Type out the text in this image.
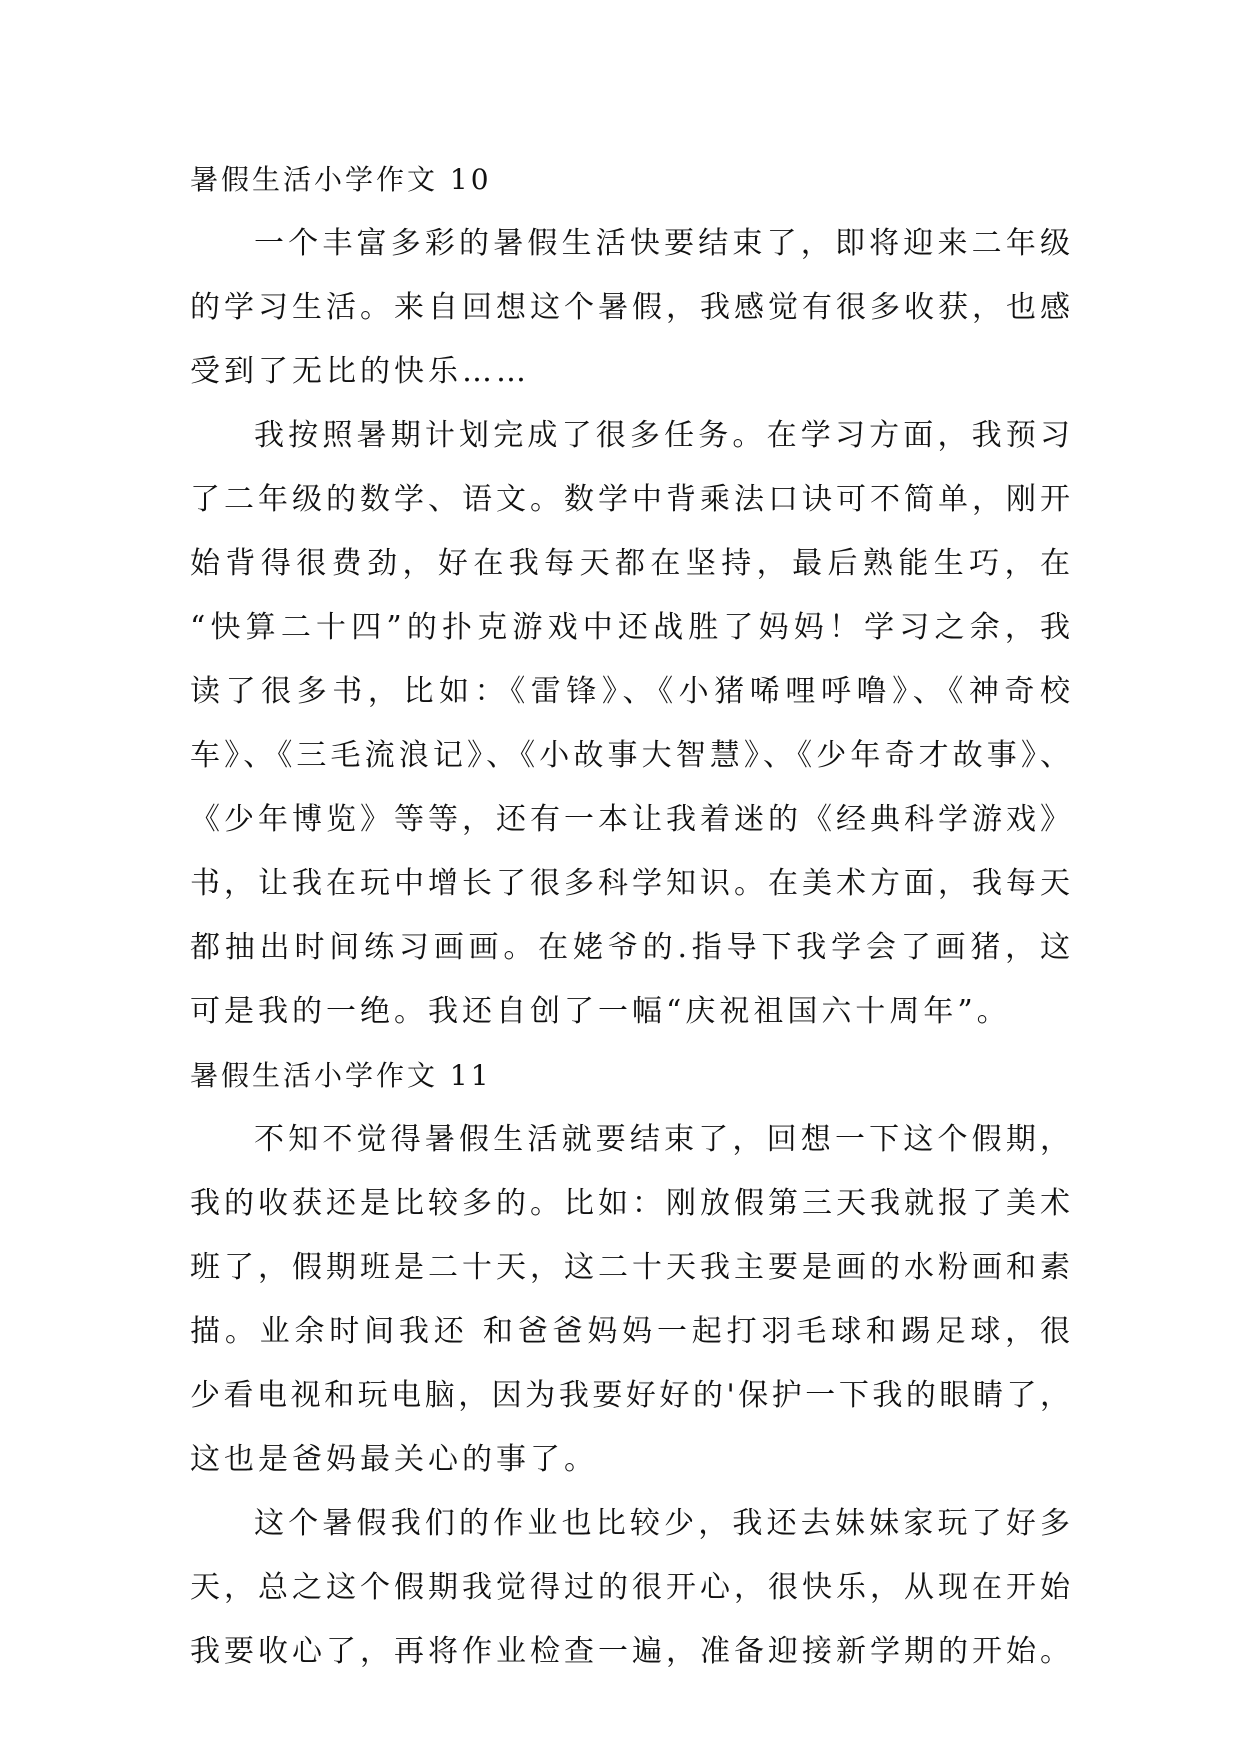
暑假生活小学作文 10
一个丰富多彩的暑假生活快要结束了，即将迎来二年级
的学习生活。来自回想这个暑假，我感觉有很多收获，也感
受到了无比的快乐……
我按照暑期计划完成了很多任务。在学习方面，我预习
了二年级的数学、语文。数学中背乘法口诀可不简单，刚开
始背得很费劲，好在我每天都在坚持，最后熟能生巧，在
“快算二十四”的扑克游戏中还战胜了妈妈！学习之余，我
读了很多书，比如：《雷锋》、《小猪唏哩呼噜》、《神奇校
车》、《三毛流浪记》、《小故事大智慧》、《少年奇才故事》、
《少年博览》等等，还有一本让我着迷的《经典科学游戏》
书，让我在玩中增长了很多科学知识。在美术方面，我每天
都抽出时间练习画画。在姥爷的.指导下我学会了画猪，这
可是我的一绝。我还自创了一幅“庆祝祖国六十周年”。
暑假生活小学作文 11
不知不觉得暑假生活就要结束了，回想一下这个假期，
我的收获还是比较多的。比如：刚放假第三天我就报了美术
班了，假期班是二十天，这二十天我主要是画的水粉画和素
描。业余时间我还 和爸爸妈妈一起打羽毛球和踢足球，很
少看电视和玩电脑，因为我要好好的'保护一下我的眼睛了，
这也是爸妈最关心的事了。
这个暑假我们的作业也比较少，我还去妹妹家玩了好多
天，总之这个假期我觉得过的很开心，很快乐，从现在开始
我要收心了，再将作业检查一遍，准备迎接新学期的开始。
